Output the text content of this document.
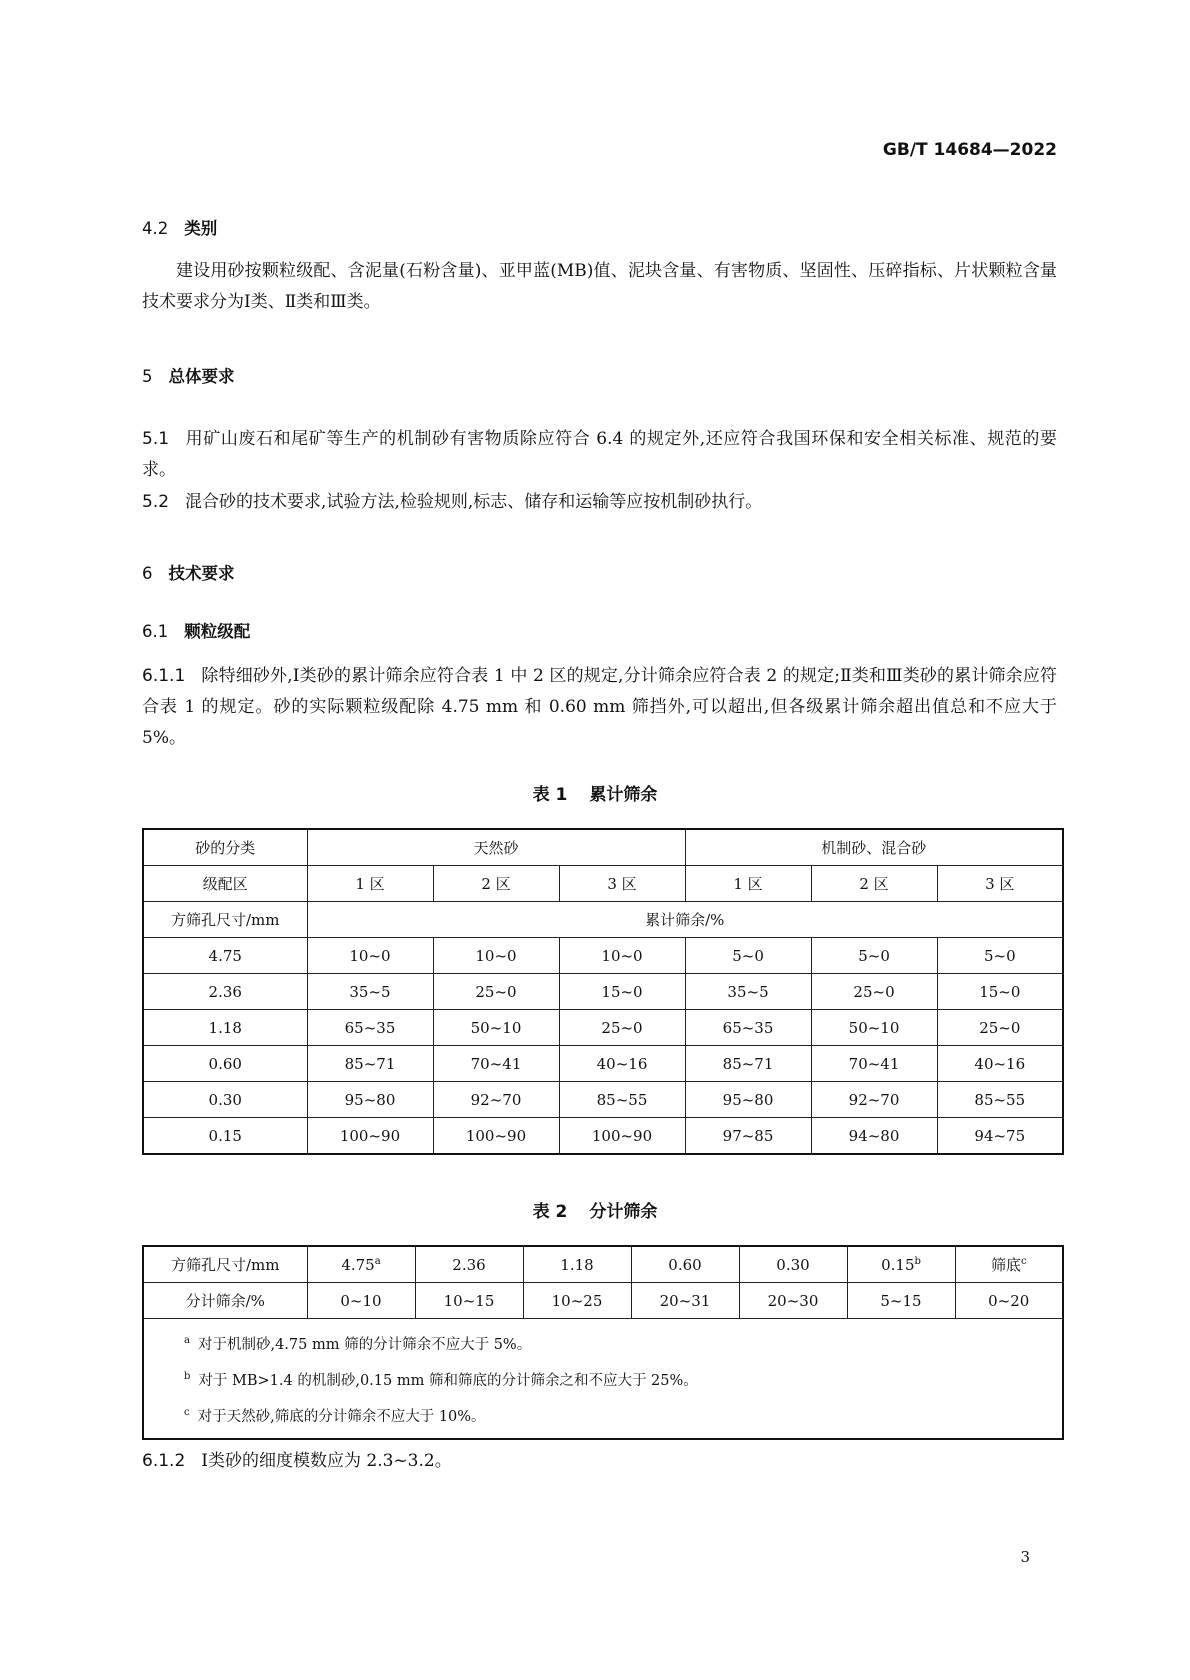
GB/T 14684—2022
4.2 类别
建设用砂按颗粒级配、含泥量(石粉含量)、亚甲蓝(MB)值、泥块含量、有害物质、坚固性、压碎指标、片状颗粒含量技术要求分为Ⅰ类、Ⅱ类和Ⅲ类。
5 总体要求
5.1 用矿山废石和尾矿等生产的机制砂有害物质除应符合 6.4 的规定外,还应符合我国环保和安全相关标准、规范的要求。
5.2 混合砂的技术要求,试验方法,检验规则,标志、储存和运输等应按机制砂执行。
6 技术要求
6.1 颗粒级配
6.1.1 除特细砂外,Ⅰ类砂的累计筛余应符合表 1 中 2 区的规定,分计筛余应符合表 2 的规定;Ⅱ类和Ⅲ类砂的累计筛余应符合表 1 的规定。砂的实际颗粒级配除 4.75 mm 和 0.60 mm 筛挡外,可以超出,但各级累计筛余超出值总和不应大于 5%。
表 1 累计筛余
砂的分类	天然砂			机制砂、混合砂		
级配区	1 区	2 区	3 区	1 区	2 区	3 区
方筛孔尺寸/mm	累计筛余/%					
4.75	10~0	10~0	10~0	5~0	5~0	5~0
2.36	35~5	25~0	15~0	35~5	25~0	15~0
1.18	65~35	50~10	25~0	65~35	50~10	25~0
0.60	85~71	70~41	40~16	85~71	70~41	40~16
0.30	95~80	92~70	85~55	95~80	92~70	85~55
0.15	100~90	100~90	100~90	97~85	94~80	94~75
表 2 分计筛余
方筛孔尺寸/mm	4.75$^a$	2.36	1.18	0.60	0.30	0.15$^b$	筛底$^c$
分计筛余/%	0~10	10~15	10~25	20~31	20~30	5~15	0~20

$^a$ 对于机制砂,4.75 mm 筛的分计筛余不应大于 5%。
$^b$ 对于 MB>1.4 的机制砂,0.15 mm 筛和筛底的分计筛余之和不应大于 25%。
$^c$ 对于天然砂,筛底的分计筛余不应大于 10%。							
6.1.2 Ⅰ类砂的细度模数应为 2.3~3.2。
3
